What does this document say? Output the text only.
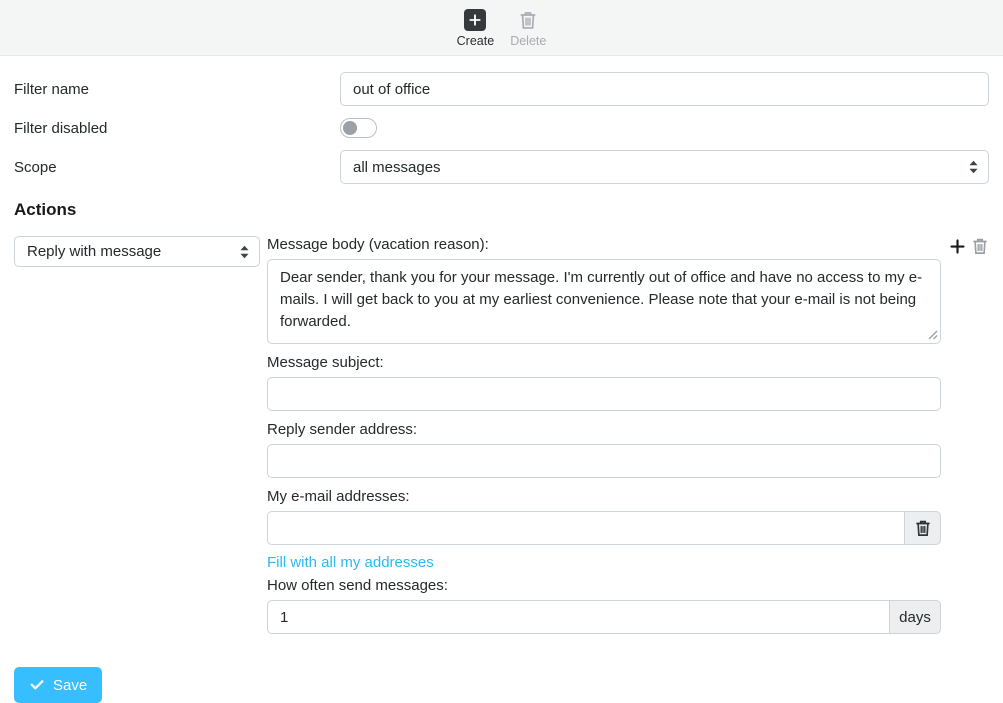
Create Delete
Filter name
out of office
Filter disabled
Scope	all messages
Actions
Reply with message	Message body (vacation reason):
Dear sender, thank you for your message. I'm currently out of office and have no access to my e-mails. I will get back to you at my earliest convenience. Please note that your e-mail is not being forwarded.
Message subject:
Reply sender address:
My e-mail addresses:
Fill with all my addresses
How often send messages:
1
days
Save
